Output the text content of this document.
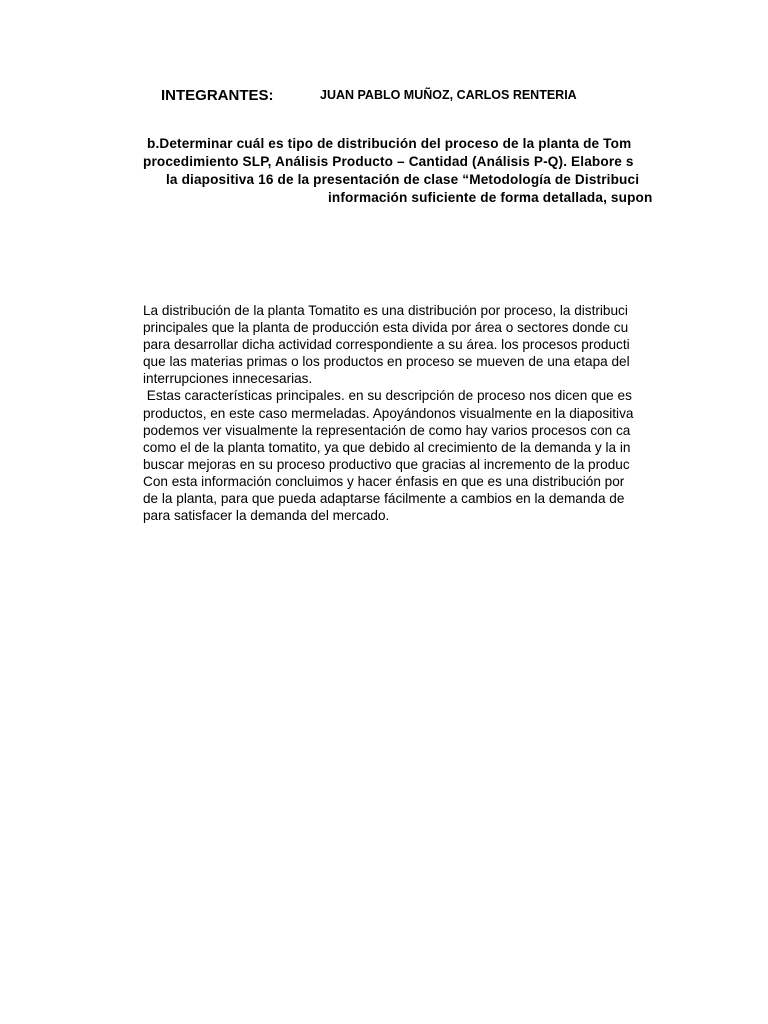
INTEGRANTES:	JUAN PABLO MUÑOZ, CARLOS RENTERIA
b.Determinar cuál es tipo de distribución del proceso de la planta de Tom
procedimiento SLP, Análisis Producto – Cantidad (Análisis P-Q). Elabore s
la diapositiva 16 de la presentación de clase “Metodología de Distribuci
información suficiente de forma detallada, supon
La distribución de la planta Tomatito es una distribución por proceso, la distribuci
principales que la planta de producción esta divida por área o sectores donde cu
para desarrollar dicha actividad correspondiente a su área. los procesos producti
que las materias primas o los productos en proceso se mueven de una etapa del
interrupciones innecesarias.
Estas características principales. en su descripción de proceso nos dicen que es
productos, en este caso mermeladas. Apoyándonos visualmente en la diapositiva
podemos ver visualmente la representación de como hay varios procesos con ca
como el de la planta tomatito, ya que debido al crecimiento de la demanda y la in
buscar mejoras en su proceso productivo que gracias al incremento de la produc
Con esta información concluimos y hacer énfasis en que es una distribución por
de la planta, para que pueda adaptarse fácilmente a cambios en la demanda de
para satisfacer la demanda del mercado.
